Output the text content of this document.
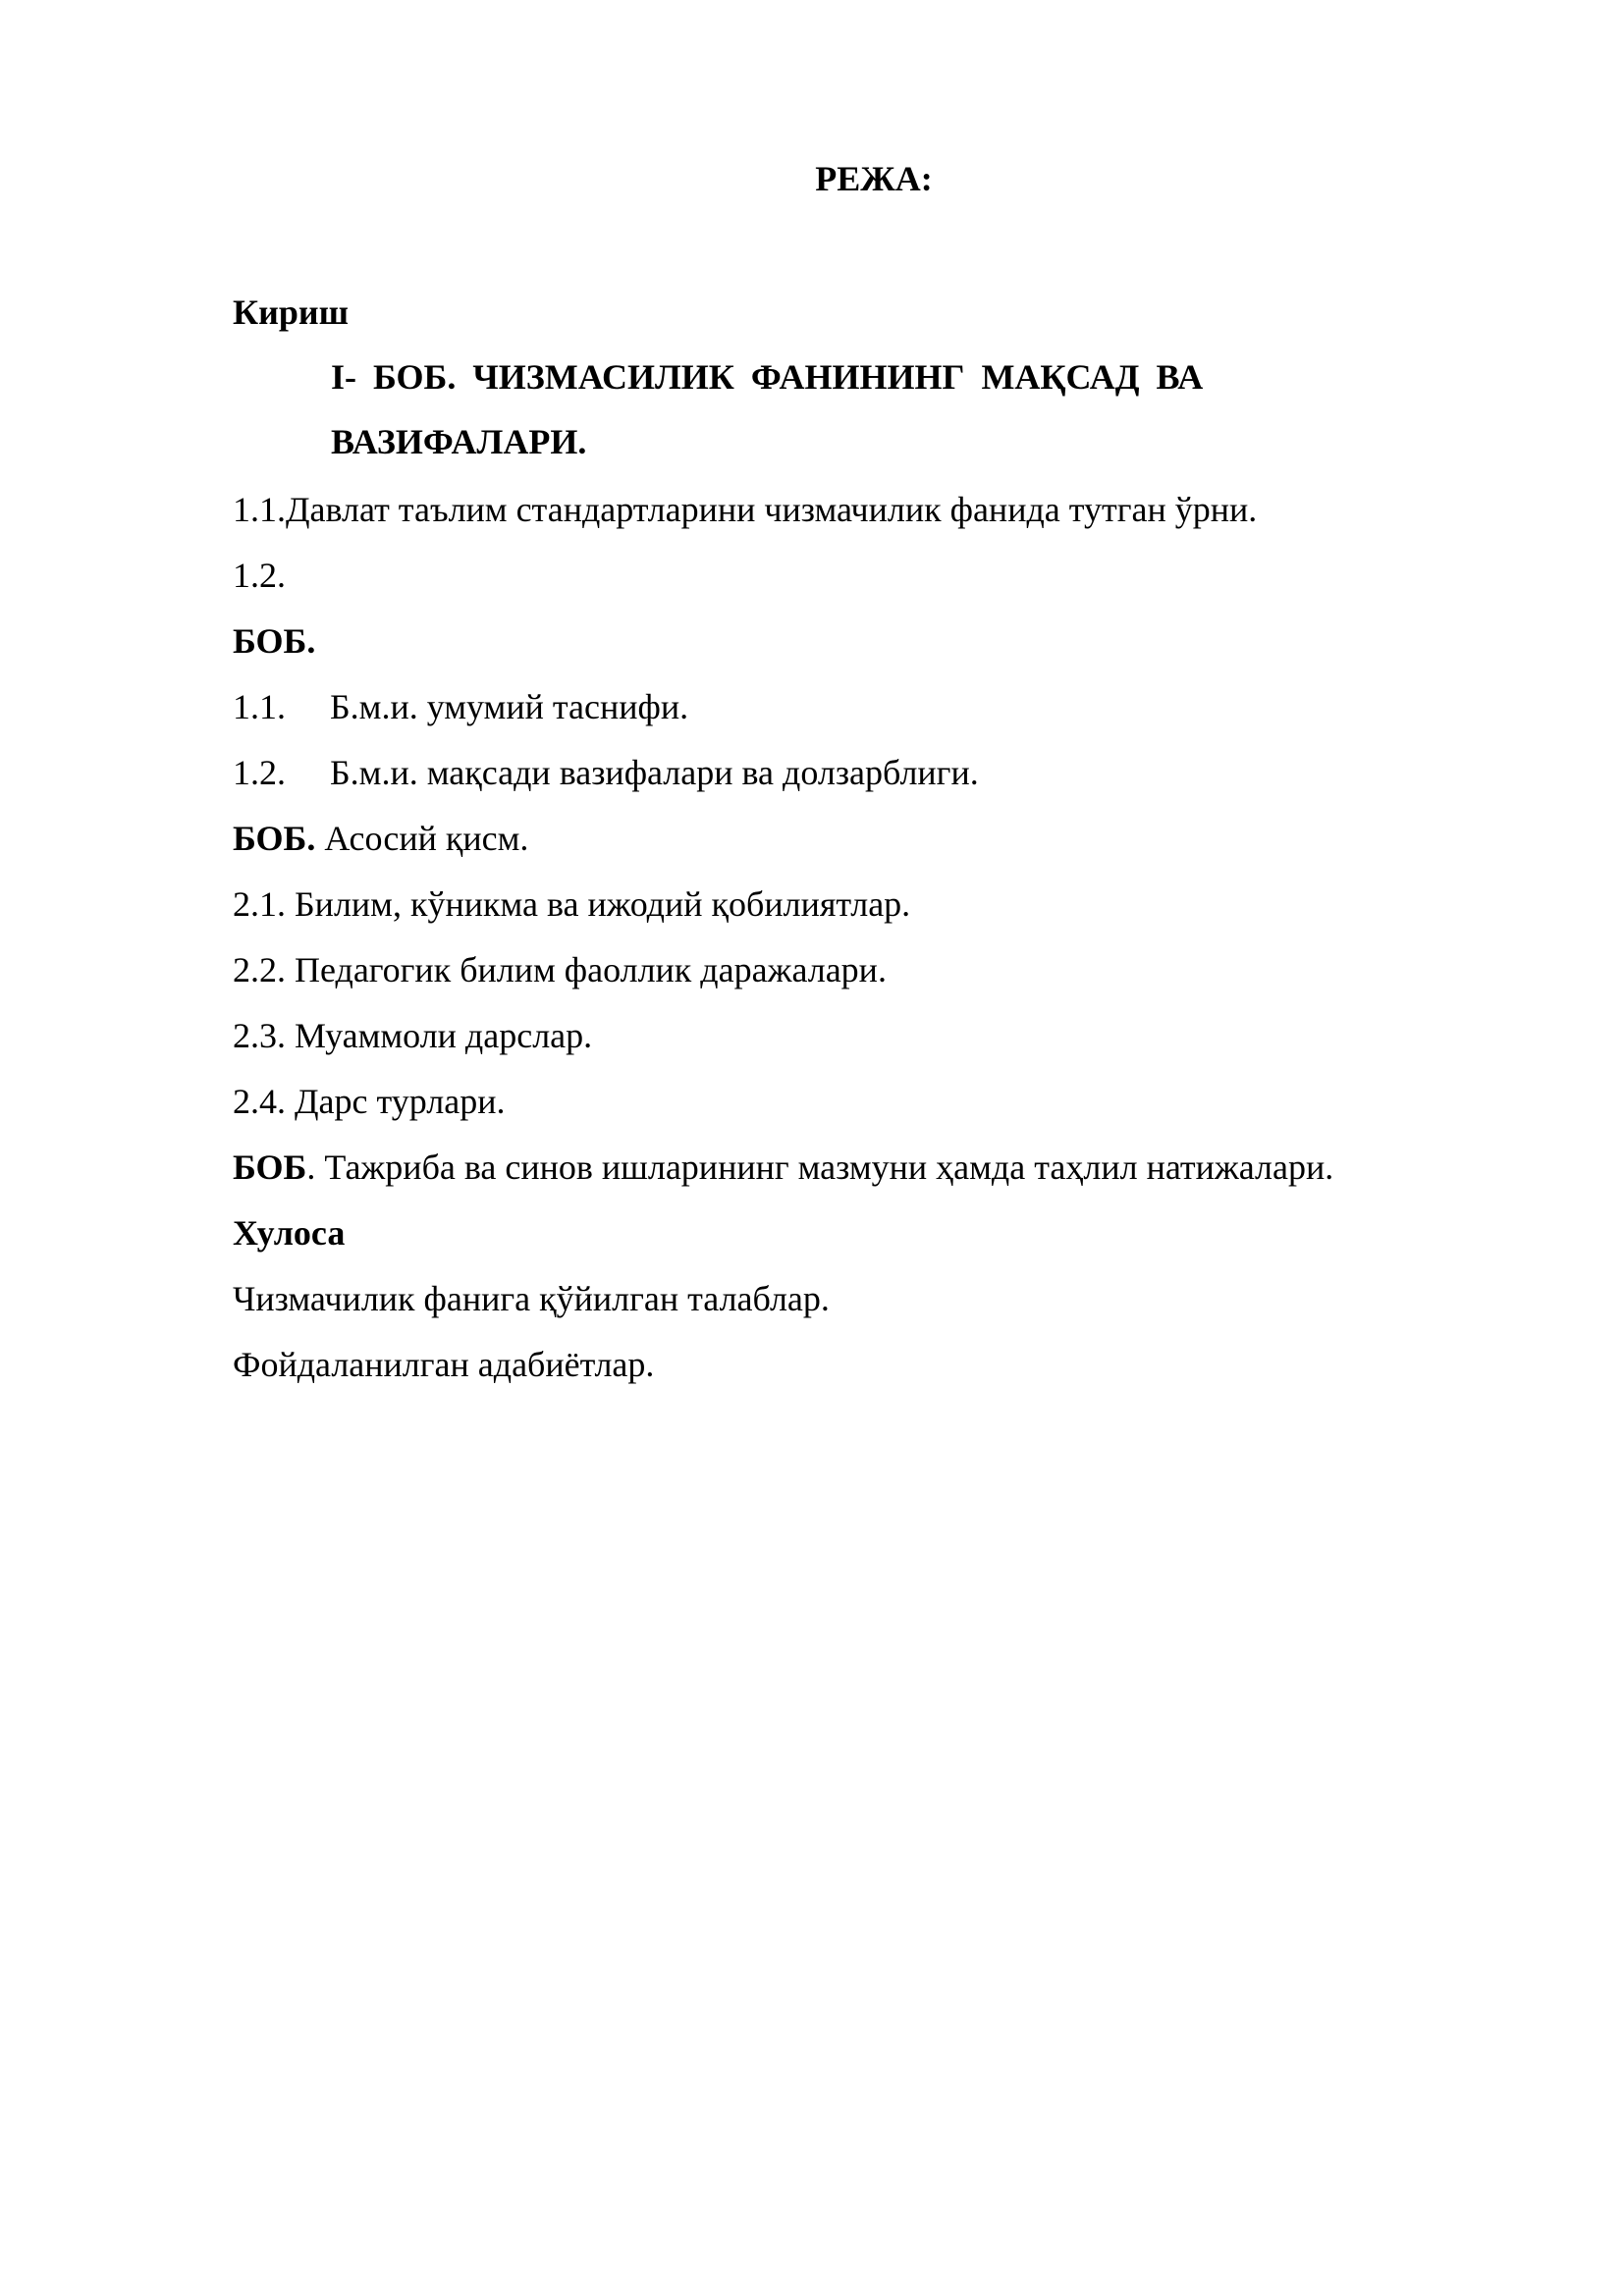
РЕЖА:
Кириш
I- БОБ. ЧИЗМАСИЛИК ФАНИНИНГ МАҚСАД ВА
ВАЗИФАЛАРИ.
1.1.Давлат таълим стандартларини чизмачилик фанида тутган ўрни.
1.2.
БОБ.
1.1. Б.м.и. умумий таснифи.
1.2. Б.м.и. мақсади вазифалари ва долзарблиги.
БОБ. Асосий қисм.
2.1. Билим, кўникма ва ижодий қобилиятлар.
2.2. Педагогик билим фаоллик даражалари.
2.3. Муаммоли дарслар.
2.4. Дарс турлари.
БОБ. Тажриба ва синов ишларининг мазмуни ҳамда таҳлил натижалари.
Хулоса
Чизмачилик фанига қўйилган талаблар.
Фойдаланилган адабиётлар.
